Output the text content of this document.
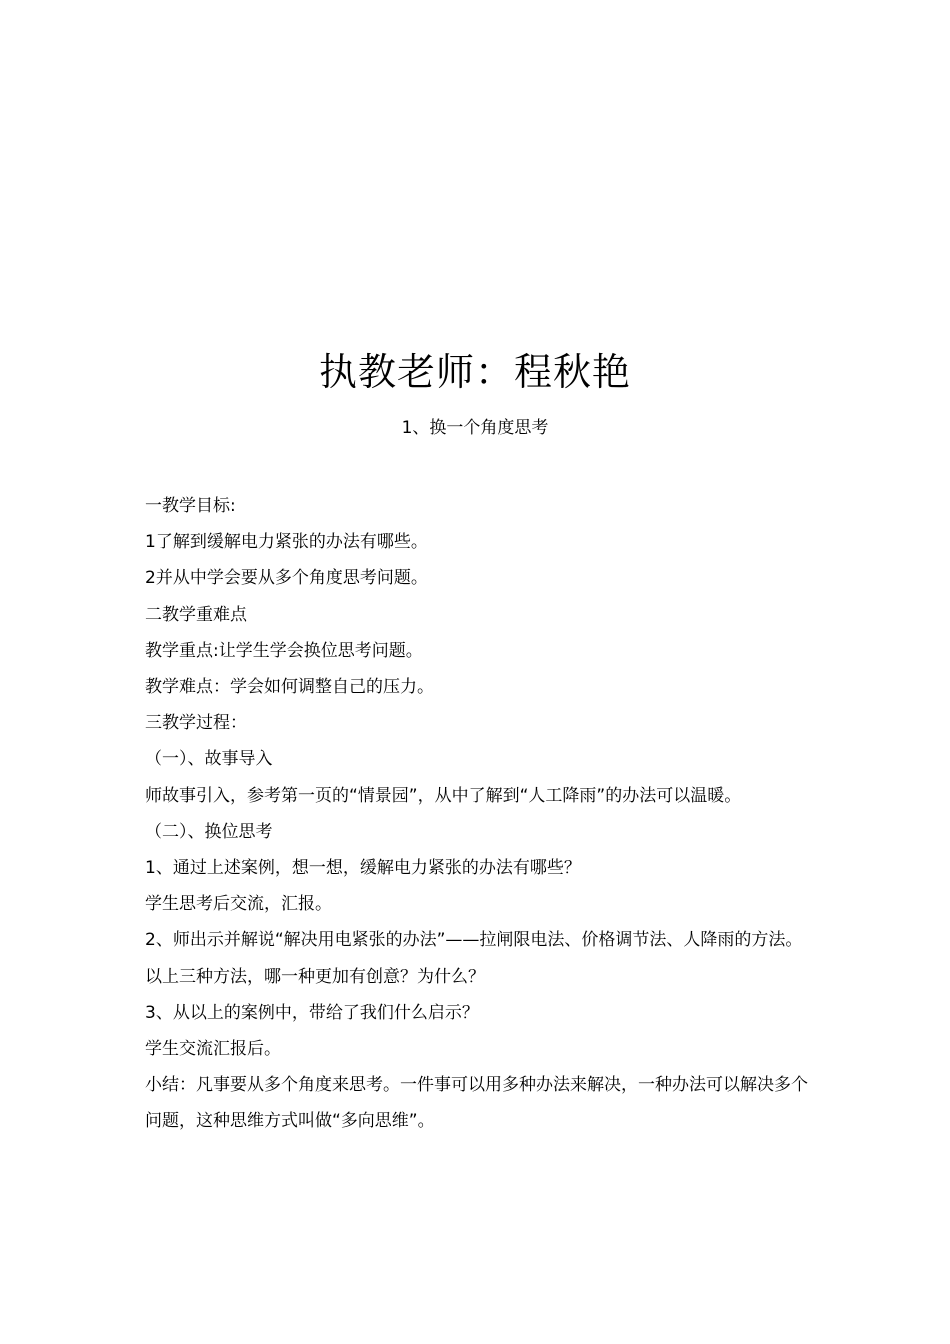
执教老师：程秋艳
1、换一个角度思考

一教学目标:

1了解到缓解电力紧张的办法有哪些。

2并从中学会要从多个角度思考问题。

二教学重难点

教学重点:让学生学会换位思考问题。

教学难点：学会如何调整自己的压力。

三教学过程：

（一）、故事导入

师故事引入，参考第一页的“情景园”，从中了解到“人工降雨”的办法可以温暖。

（二）、换位思考

1、通过上述案例，想一想，缓解电力紧张的办法有哪些？

学生思考后交流，汇报。

2、师出示并解说“解决用电紧张的办法”——拉闸限电法、价格调节法、人降雨的方法。

以上三种方法，哪一种更加有创意？为什么？

3、从以上的案例中，带给了我们什么启示？

学生交流汇报后。

小结：凡事要从多个角度来思考。一件事可以用多种办法来解决，一种办法可以解决多个问题，这种思维方式叫做“多向思维”。
